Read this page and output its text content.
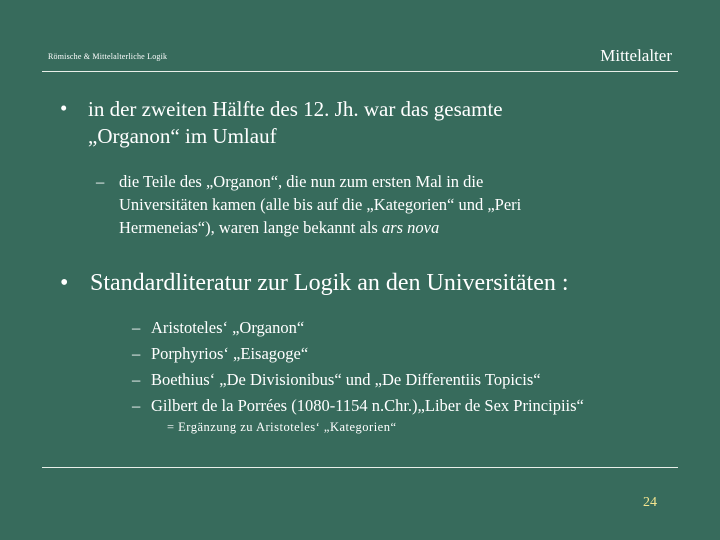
Römische & Mittelalterliche Logik	Mittelalter
• in der zweiten Hälfte des 12. Jh. war das gesamte
„Organon“ im Umlauf
– die Teile des „Organon“, die nun zum ersten Mal in die
Universitäten kamen (alle bis auf die „Kategorien“ und „Peri
Hermeneias“), waren lange bekannt als ars nova
• Standardliteratur zur Logik an den Universitäten :
– Aristoteles‘ „Organon“
– Porphyrios‘ „Eisagoge“
– Boethius‘ „De Divisionibus“ und „De Differentiis Topicis“
– Gilbert de la Porrées (1080-1154 n.Chr.)„Liber de Sex Principiis“
= Ergänzung zu Aristoteles‘ „Kategorien“
24
